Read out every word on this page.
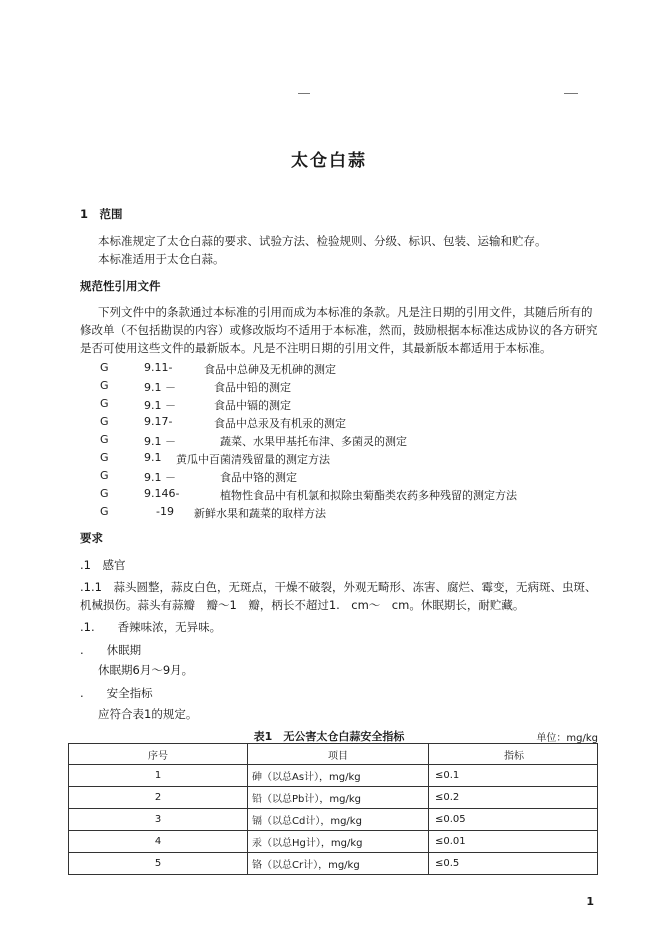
太仓白蒜
1　范围
本标准规定了太仓白蒜的要求、试验方法、检验规则、分级、标识、包装、运输和贮存。
本标准适用于太仓白蒜。
规范性引用文件
下列文件中的条款通过本标准的引用而成为本标准的条款。凡是注日期的引用文件，其随后所有的
修改单（不包括勘误的内容）或修改版均不适用于本标准，然而，鼓励根据本标准达成协议的各方研究
是否可使用这些文件的最新版本。凡是不注明日期的引用文件，其最新版本都适用于本标准。
G	9.11-	食品中总砷及无机砷的测定
G	9.1 －	食品中铅的测定
G	9.1 －	食品中镉的测定
G	9.17-	食品中总汞及有机汞的测定
G	9.1 －	蔬菜、水果甲基托布津、多菌灵的测定
G	9.1 黄瓜中百菌清残留量的测定方法
G	9.1 －	食品中铬的测定
G	9.146-	植物性食品中有机氯和拟除虫菊酯类农药多种残留的测定方法
G	-19 新鲜水果和蔬菜的取样方法
要求
.1　感官
.1.1　蒜头圆整，蒜皮白色，无斑点，干燥不破裂，外观无畸形、冻害、腐烂、霉变，无病斑、虫斑、
机械损伤。蒜头有蒜瓣　瓣～1　瓣，柄长不超过1.　cm～　cm。休眠期长，耐贮藏。
.1.　　香辣味浓，无异味。
.　　休眠期
休眠期6月～9月。
.　　安全指标
应符合表1的规定。
表1　无公害太仓白蒜安全指标	单位：mg/kg
序号	项目	指标
1	砷（以总As计），mg/kg	≤0.1
2	铅（以总Pb计），mg/kg	≤0.2
3	镉（以总Cd计），mg/kg	≤0.05
4	汞（以总Hg计），mg/kg	≤0.01
5	铬（以总Cr计），mg/kg	≤0.5
1
